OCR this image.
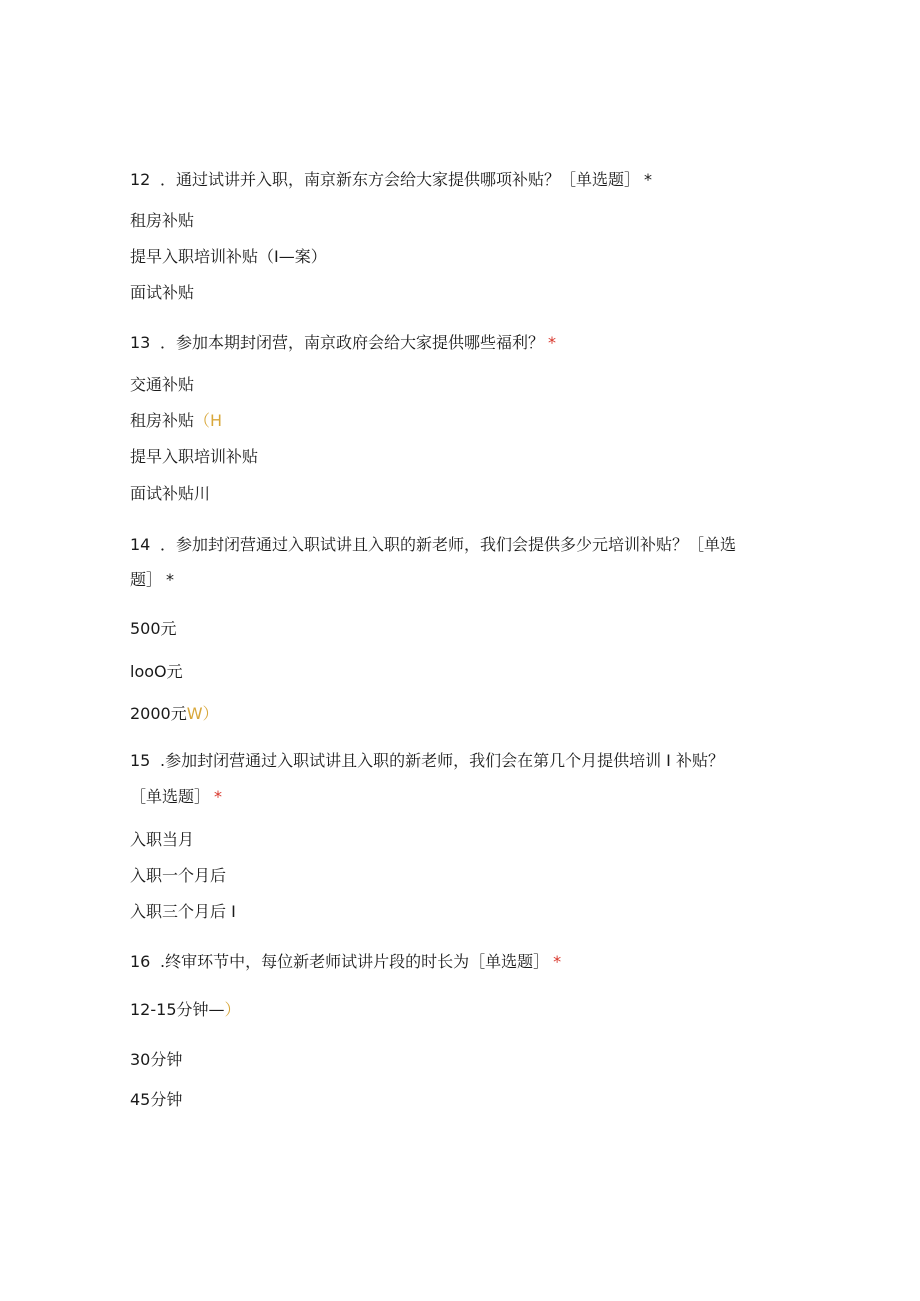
12 ．通过试讲并入职，南京新东方会给大家提供哪项补贴？［单选题］ *
租房补贴
提早入职培训补贴（I—案）
面试补贴
13 ．参加本期封闭营，南京政府会给大家提供哪些福利？ *
交通补贴
租房补贴（H
提早入职培训补贴
面试补贴川
14 ．参加封闭营通过入职试讲且入职的新老师，我们会提供多少元培训补贴？［单选
题］ *
500元
looO元
2000元W）
15 .参加封闭营通过入职试讲且入职的新老师，我们会在第几个月提供培训 I 补贴？
［单选题］ *
入职当月
入职一个月后
入职三个月后 I
16 .终审环节中，每位新老师试讲片段的时长为［单选题］ *
12-15分钟—）
30分钟
45分钟
